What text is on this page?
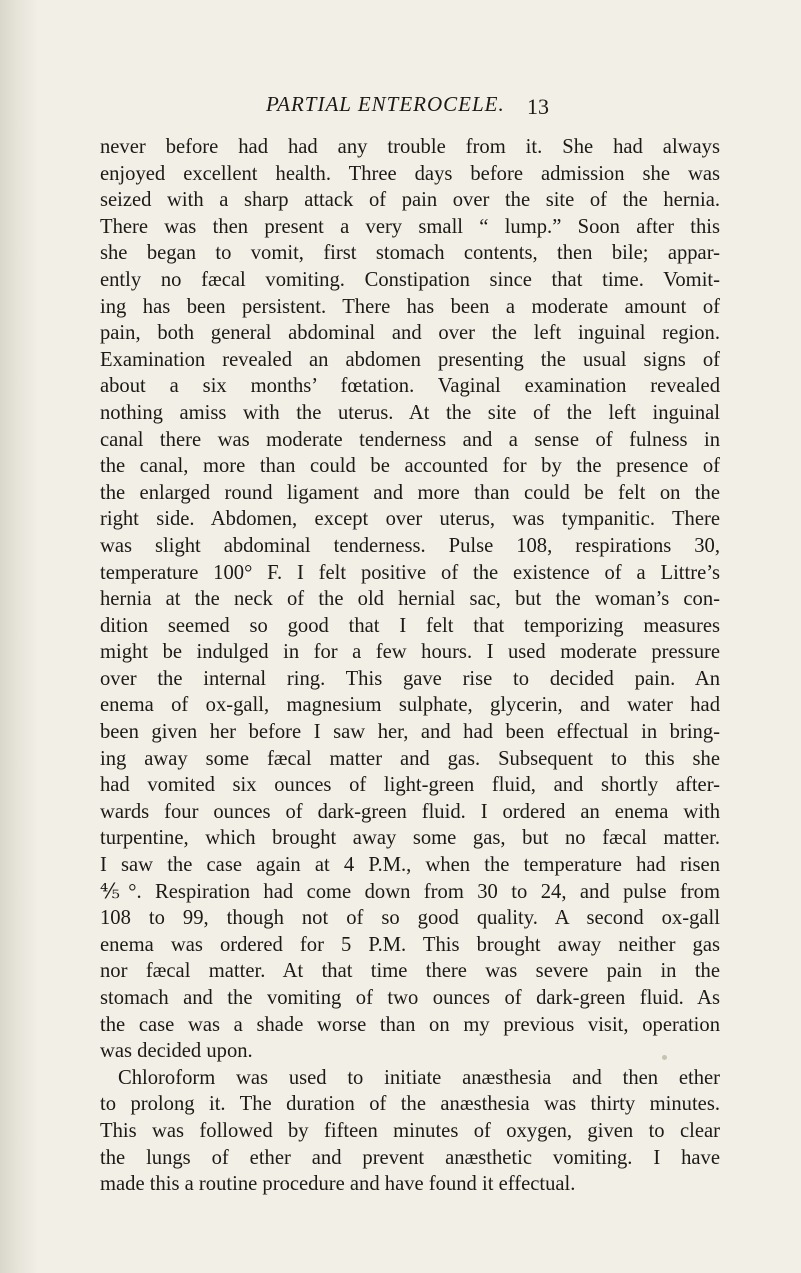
PARTIAL ENTEROCELE. 13
never before had had any trouble from it. She had always
enjoyed excellent health. Three days before admission she was
seized with a sharp attack of pain over the site of the hernia.
There was then present a very small “ lump.” Soon after this
she began to vomit, first stomach contents, then bile; appar-
ently no fæcal vomiting. Constipation since that time. Vomit-
ing has been persistent. There has been a moderate amount of
pain, both general abdominal and over the left inguinal region.
Examination revealed an abdomen presenting the usual signs of
about a six months’ fœtation. Vaginal examination revealed
nothing amiss with the uterus. At the site of the left inguinal
canal there was moderate tenderness and a sense of fulness in
the canal, more than could be accounted for by the presence of
the enlarged round ligament and more than could be felt on the
right side. Abdomen, except over uterus, was tympanitic. There
was slight abdominal tenderness. Pulse 108, respirations 30,
temperature 100° F. I felt positive of the existence of a Littre’s
hernia at the neck of the old hernial sac, but the woman’s con-
dition seemed so good that I felt that temporizing measures
might be indulged in for a few hours. I used moderate pressure
over the internal ring. This gave rise to decided pain. An
enema of ox-gall, magnesium sulphate, glycerin, and water had
been given her before I saw her, and had been effectual in bring-
ing away some fæcal matter and gas. Subsequent to this she
had vomited six ounces of light-green fluid, and shortly after-
wards four ounces of dark-green fluid. I ordered an enema with
turpentine, which brought away some gas, but no fæcal matter.
I saw the case again at 4 P.M., when the temperature had risen
⅘°. Respiration had come down from 30 to 24, and pulse from
108 to 99, though not of so good quality. A second ox-gall
enema was ordered for 5 P.M. This brought away neither gas
nor fæcal matter. At that time there was severe pain in the
stomach and the vomiting of two ounces of dark-green fluid. As
the case was a shade worse than on my previous visit, operation
was decided upon.
Chloroform was used to initiate anæsthesia and then ether
to prolong it. The duration of the anæsthesia was thirty minutes.
This was followed by fifteen minutes of oxygen, given to clear
the lungs of ether and prevent anæsthetic vomiting. I have
made this a routine procedure and have found it effectual.
